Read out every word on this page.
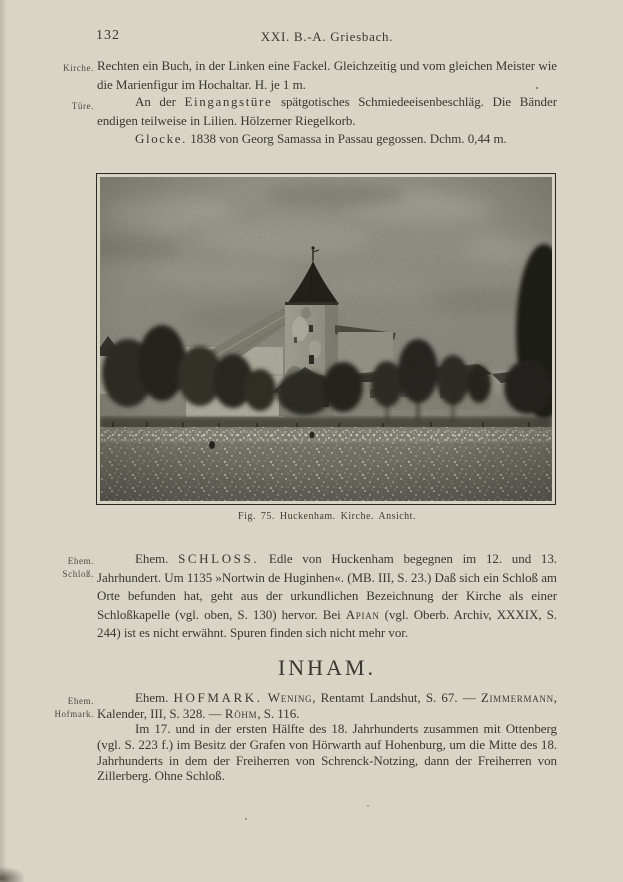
132	XXI. B.-A. Griesbach.
Kirche. Rechten ein Buch, in der Linken eine Fackel. Gleichzeitig und vom gleichen Meister wie die Marienfigur im Hochaltar. H. je 1 m.

Türe.	An der Eingangstüre spätgotisches Schmiedeeisenbeschläg. Die Bänder endigen teilweise in Lilien. Hölzerner Riegelkorb.

Glocke. 1838 von Georg Samassa in Passau gegossen. Dchm. 0,44 m.

Fig. 75. Huckenham. Kirche. Ansicht.
Ehem.
Schloß.

Ehem. SCHLOSS. Edle von Huckenham begegnen im 12. und 13. Jahrhundert. Um 1135 »Nortwin de Huginhen«. (MB. III, S. 23.) Daß sich ein Schloß am Orte befunden hat, geht aus der urkundlichen Bezeichnung der Kirche als einer Schloßkapelle (vgl. oben, S. 130) hervor. Bei Apian (vgl. Oberb. Archiv, XXXIX, S. 244) ist es nicht erwähnt. Spuren finden sich nicht mehr vor.

INHAM.
Ehem.
Hofmark.

Ehem. HOFMARK. Wening, Rentamt Landshut, S. 67. — Zimmermann, Kalender, III, S. 328. — Röhm, S. 116.

Im 17. und in der ersten Hälfte des 18. Jahrhunderts zusammen mit Ottenberg (vgl. S. 223 f.) im Besitz der Grafen von Hörwarth auf Hohenburg, um die Mitte des 18. Jahrhunderts in dem der Freiherren von Schrenck-Notzing, dann der Freiherren von Zillerberg. Ohne Schloß.
